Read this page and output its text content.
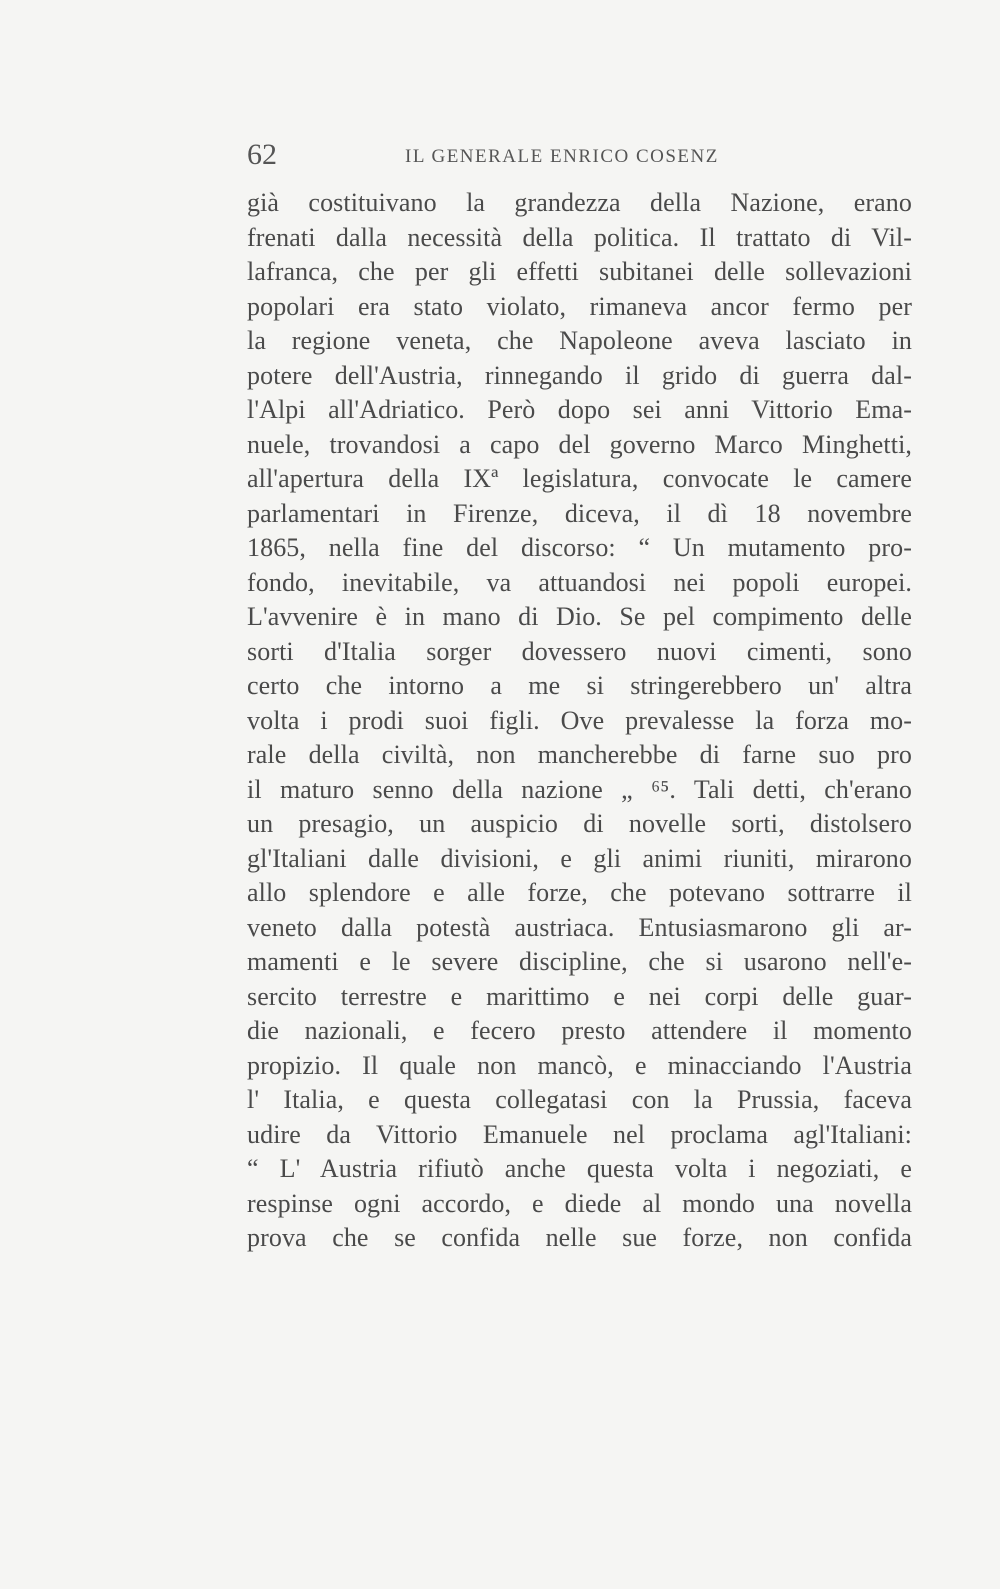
62	IL GENERALE ENRICO COSENZ
già costituivano la grandezza della Nazione, erano
frenati dalla necessità della politica. Il trattato di Vil-
lafranca, che per gli effetti subitanei delle sollevazioni
popolari era stato violato, rimaneva ancor fermo per
la regione veneta, che Napoleone aveva lasciato in
potere dell'Austria, rinnegando il grido di guerra dal-
l'Alpi all'Adriatico. Però dopo sei anni Vittorio Ema-
nuele, trovandosi a capo del governo Marco Minghetti,
all'apertura della IXª legislatura, convocate le camere
parlamentari in Firenze, diceva, il dì 18 novembre
1865, nella fine del discorso: “ Un mutamento pro-
fondo, inevitabile, va attuandosi nei popoli europei.
L'avvenire è in mano di Dio. Se pel compimento delle
sorti d'Italia sorger dovessero nuovi cimenti, sono
certo che intorno a me si stringerebbero un' altra
volta i prodi suoi figli. Ove prevalesse la forza mo-
rale della civiltà, non mancherebbe di farne suo pro
il maturo senno della nazione „ ⁶⁵. Tali detti, ch'erano
un presagio, un auspicio di novelle sorti, distolsero
gl'Italiani dalle divisioni, e gli animi riuniti, mirarono
allo splendore e alle forze, che potevano sottrarre il
veneto dalla potestà austriaca. Entusiasmarono gli ar-
mamenti e le severe discipline, che si usarono nell'e-
sercito terrestre e marittimo e nei corpi delle guar-
die nazionali, e fecero presto attendere il momento
propizio. Il quale non mancò, e minacciando l'Austria
l' Italia, e questa collegatasi con la Prussia, faceva
udire da Vittorio Emanuele nel proclama agl'Italiani:
“ L' Austria rifiutò anche questa volta i negoziati, e
respinse ogni accordo, e diede al mondo una novella
prova che se confida nelle sue forze, non confida
